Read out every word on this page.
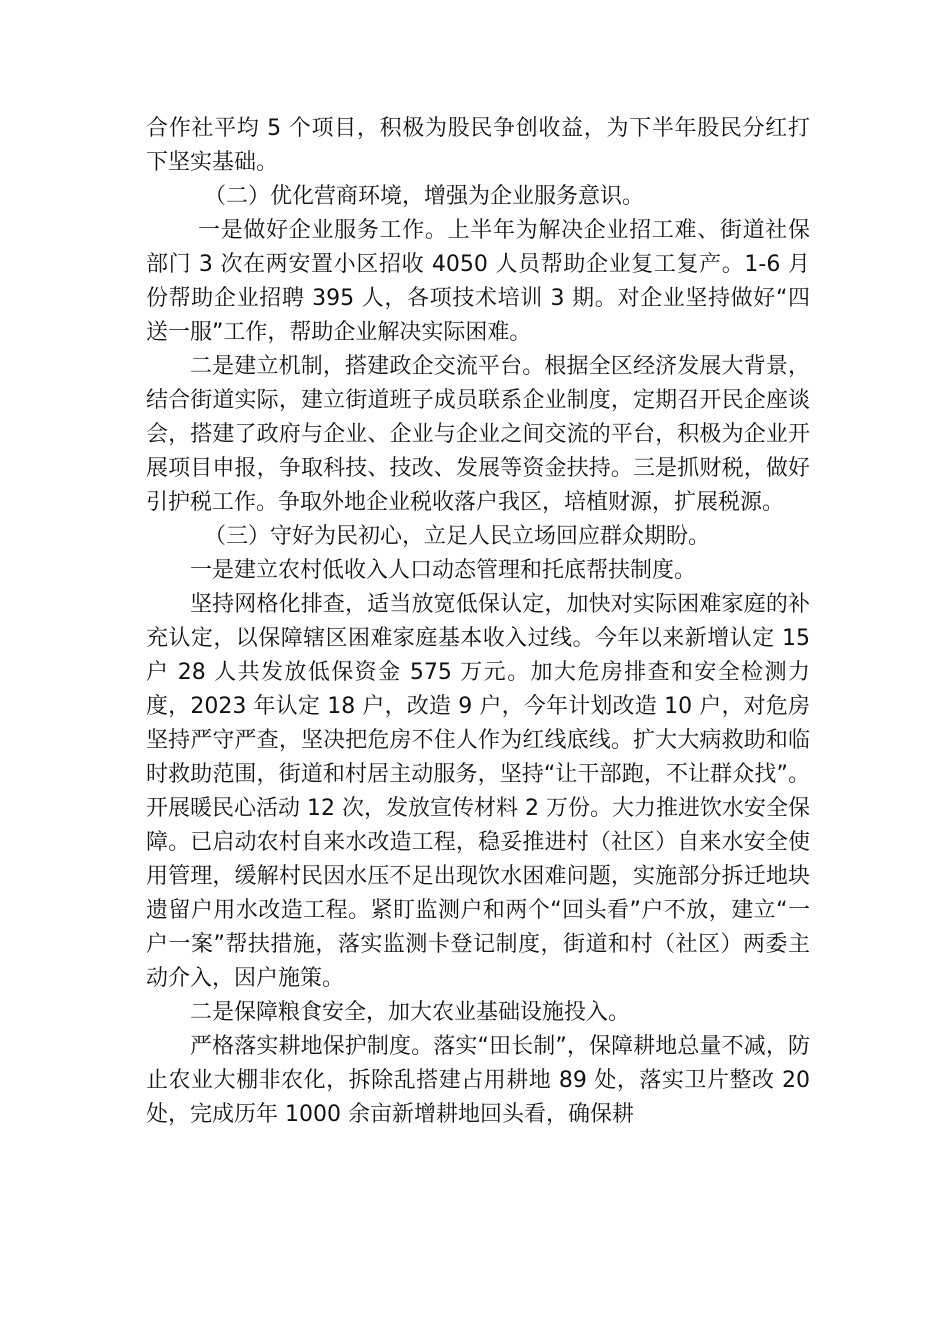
合作社平均 5 个项目，积极为股民争创收益，为下半年股民分红打下坚实基础。

（二）优化营商环境，增强为企业服务意识。

一是做好企业服务工作。上半年为解决企业招工难、街道社保部门 3 次在两安置小区招收 4050 人员帮助企业复工复产。1-6 月份帮助企业招聘 395 人，各项技术培训 3 期。对企业坚持做好“四送一服”工作，帮助企业解决实际困难。

二是建立机制，搭建政企交流平台。根据全区经济发展大背景，结合街道实际，建立街道班子成员联系企业制度，定期召开民企座谈会，搭建了政府与企业、企业与企业之间交流的平台，积极为企业开展项目申报，争取科技、技改、发展等资金扶持。三是抓财税，做好引护税工作。争取外地企业税收落户我区，培植财源，扩展税源。

（三）守好为民初心，立足人民立场回应群众期盼。

一是建立农村低收入人口动态管理和托底帮扶制度。

坚持网格化排查，适当放宽低保认定，加快对实际困难家庭的补充认定，以保障辖区困难家庭基本收入过线。今年以来新增认定 15 户 28 人共发放低保资金 575 万元。加大危房排查和安全检测力度，2023 年认定 18 户，改造 9 户，今年计划改造 10 户，对危房坚持严守严查，坚决把危房不住人作为红线底线。扩大大病救助和临时救助范围，街道和村居主动服务，坚持“让干部跑，不让群众找”。开展暖民心活动 12 次，发放宣传材料 2 万份。大力推进饮水安全保障。已启动农村自来水改造工程，稳妥推进村（社区）自来水安全使用管理，缓解村民因水压不足出现饮水困难问题，实施部分拆迁地块遗留户用水改造工程。紧盯监测户和两个“回头看”户不放，建立“一户一案”帮扶措施，落实监测卡登记制度，街道和村（社区）两委主动介入，因户施策。

二是保障粮食安全，加大农业基础设施投入。

严格落实耕地保护制度。落实“田长制”，保障耕地总量不减，防止农业大棚非农化，拆除乱搭建占用耕地 89 处，落实卫片整改 20 处，完成历年 1000 余亩新增耕地回头看，确保耕
